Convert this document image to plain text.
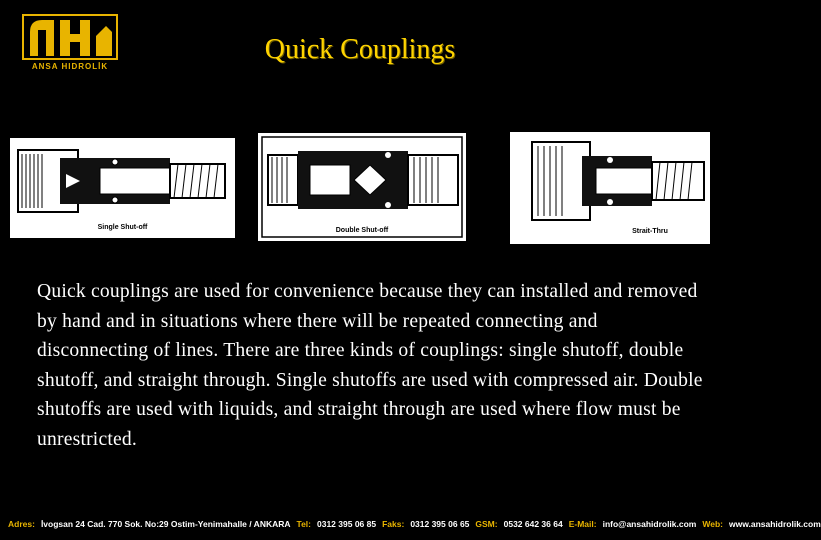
ANSA HIDROLİK
Quick Couplings
Single Shut-off	Double Shut-off	Strait-Thru

Quick couplings are used for convenience because they can installed and removed by hand and in situations where there will be repeated connecting and disconnecting of lines. There are three kinds of couplings: single shutoff, double shutoff, and straight through. Single shutoffs are used with compressed air. Double shutoffs are used with liquids, and straight through are used where flow must be unrestricted.

Adres: İvogsan 24 Cad. 770 Sok. No:29 Ostim-Yenimahalle / ANKARA Tel: 0312 395 06 85 Faks: 0312 395 06 65 GSM: 0532 642 36 64 E-Mail: info@ansahidrolik.com Web: www.ansahidrolik.com
